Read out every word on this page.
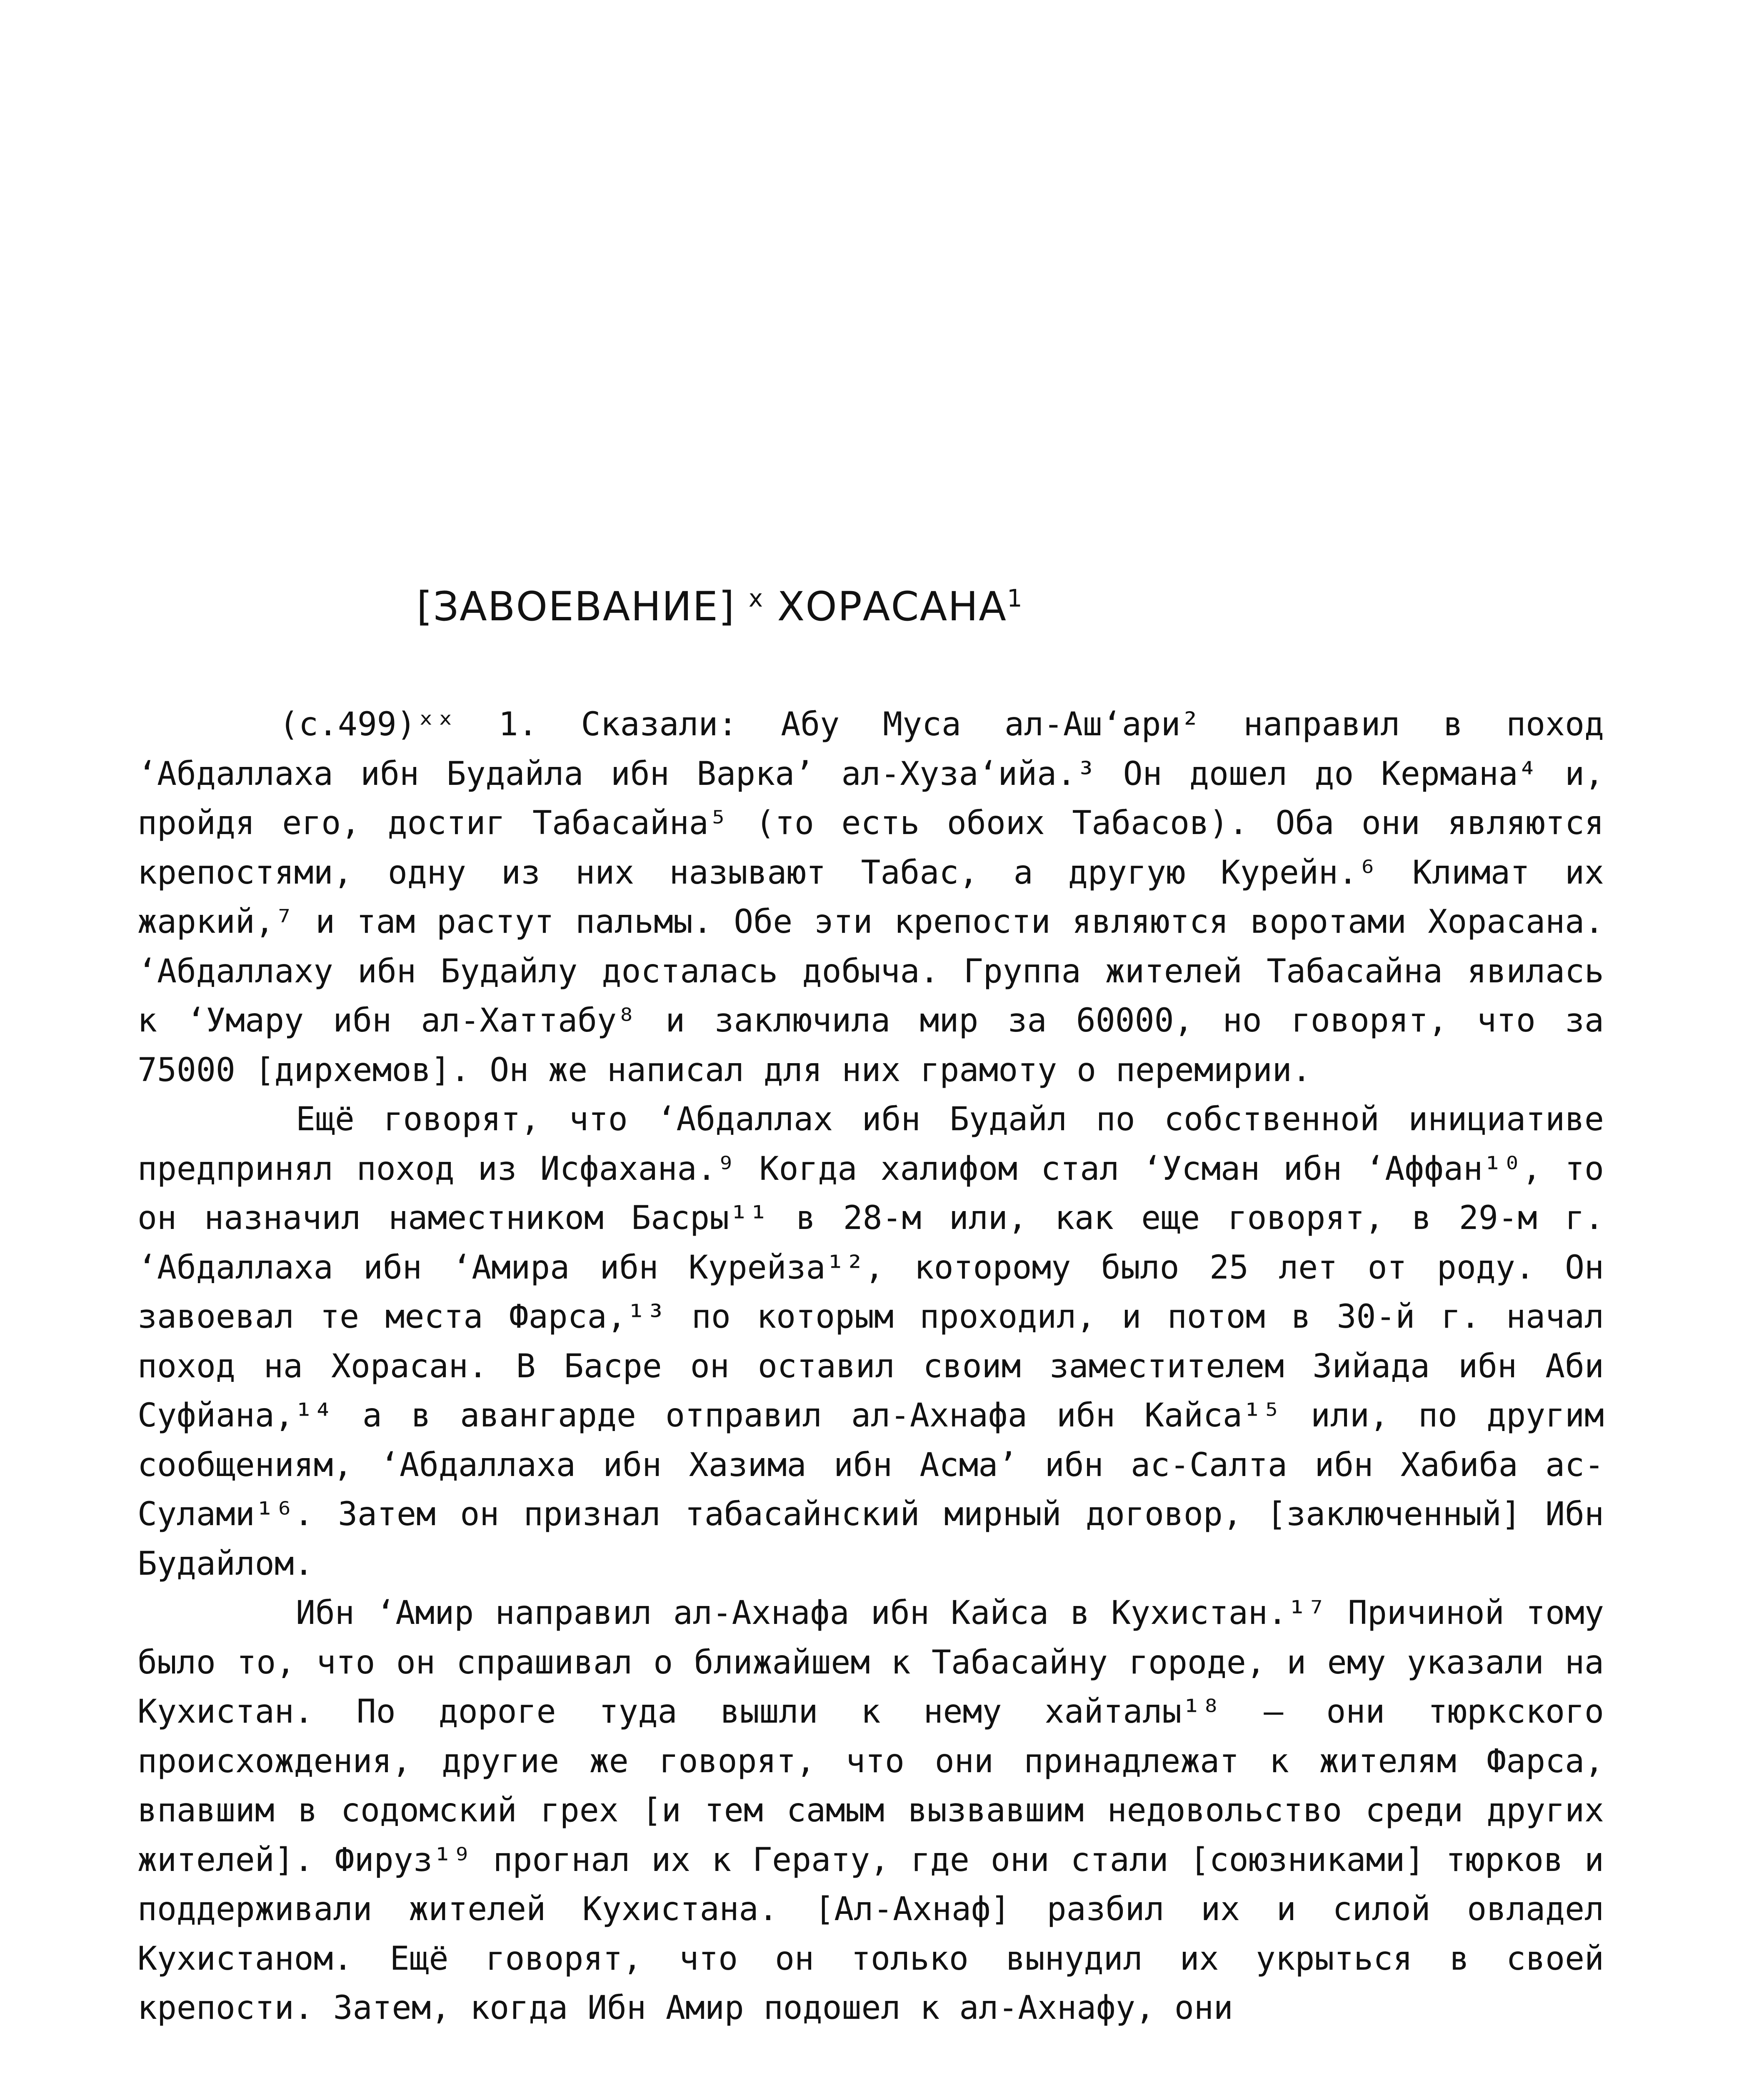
[ЗАВОЕВАНИЕ] $^x$ ХОРАСАНА$^1$

(с.499)ˣˣ 1. Сказали: Абу Муса ал-Аш‘ари² направил в поход ‘Абдаллаха ибн Будайла ибн Варка’ ал-Хуза‘ийа.³ Он дошел до Кермана⁴ и, пройдя его, достиг Табасайна⁵ (то есть обоих Табасов). Оба они являются крепостями, одну из них называют Табас, а другую Курейн.⁶ Климат их жаркий,⁷ и там растут пальмы. Обе эти крепости являются воротами Хорасана. ‘Абдаллаху ибн Будайлу досталась добыча. Группа жителей Табасайна явилась к ‘Умару ибн ал-Хаттабу⁸ и заключила мир за 60000, но говорят, что за 75000 [дирхемов]. Он же написал для них грамоту о перемирии.

Ещё говорят, что ‘Абдаллах ибн Будайл по собственной инициативе предпринял поход из Исфахана.⁹ Когда халифом стал ‘Усман ибн ‘Аффан¹⁰, то он назначил наместником Басры¹¹ в 28-м или, как еще говорят, в 29-м г. ‘Абдаллаха ибн ‘Амира ибн Курейза¹², которому было 25 лет от роду. Он завоевал те места Фарса,¹³ по которым проходил, и потом в 30-й г. начал поход на Хорасан. В Басре он оставил своим заместителем Зийада ибн Аби Суфйана,¹⁴ а в авангарде отправил ал-Ахнафа ибн Кайса¹⁵ или, по другим сообщениям, ‘Абдаллаха ибн Хазима ибн Асма’ ибн ас-Салта ибн Хабиба ас-Сулами¹⁶. Затем он признал табасайнский мирный договор, [заключенный] Ибн Будайлом.

Ибн ‘Амир направил ал-Ахнафа ибн Кайса в Кухистан.¹⁷ Причиной тому было то, что он спрашивал о ближайшем к Табасайну городе, и ему указали на Кухистан. По дороге туда вышли к нему хайталы¹⁸ — они тюркского происхождения, другие же говорят, что они принадлежат к жителям Фарса, впавшим в содомский грех [и тем самым вызвавшим недовольство среди других жителей]. Фируз¹⁹ прогнал их к Герату, где они стали [союзниками] тюрков и поддерживали жителей Кухистана. [Ал-Ахнаф] разбил их и силой овладел Кухистаном. Ещё говорят, что он только вынудил их укрыться в своей крепости. Затем, когда Ибн Амир подошел к ал-Ахнафу, они
